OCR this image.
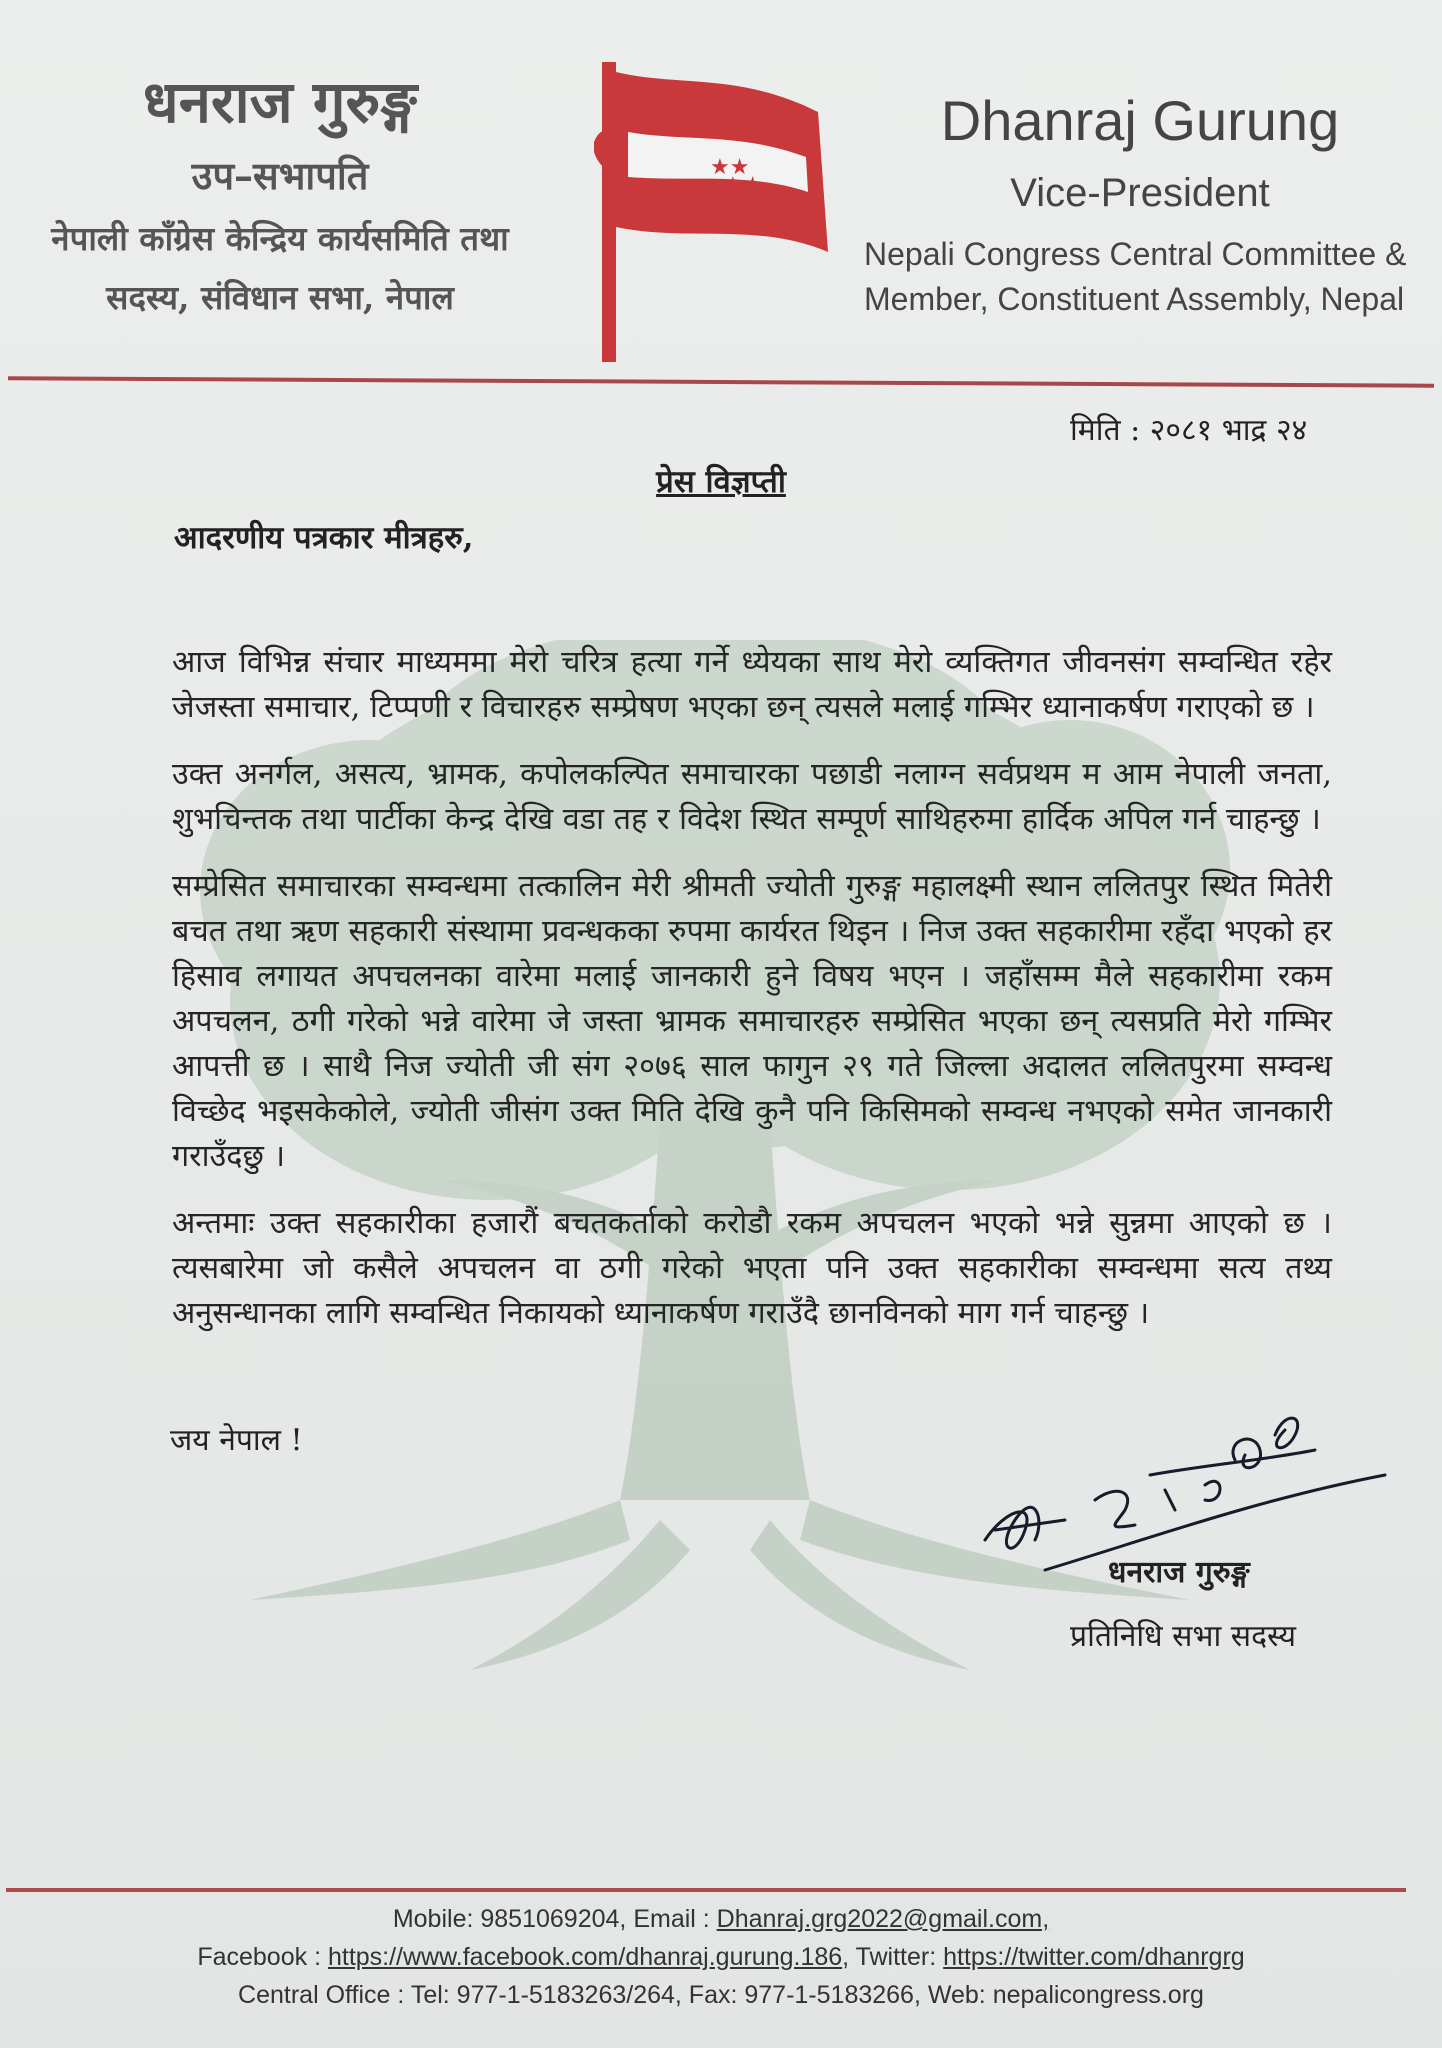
धनराज गुरुङ्ग
उप–सभापति
नेपाली काँग्रेस केन्द्रिय कार्यसमिति तथा
सदस्य, संविधान सभा, नेपाल
★★
★★
Dhanraj Gurung
Vice-President
Nepali Congress Central Committee &
Member, Constituent Assembly, Nepal
मिति : २०८१ भाद्र २४
प्रेस विज्ञप्ती
आदरणीय पत्रकार मीत्रहरु,

आज विभिन्न संचार माध्यममा मेरो चरित्र हत्या गर्ने ध्येयका साथ मेरो व्यक्तिगत जीवनसंग सम्वन्धित रहेर जेजस्ता समाचार, टिप्पणी र विचारहरु सम्प्रेषण भएका छन् त्यसले मलाई गम्भिर ध्यानाकर्षण गराएको छ ।

उक्त अनर्गल, असत्य, भ्रामक, कपोलकल्पित समाचारका पछाडी नलाग्न सर्वप्रथम म आम नेपाली जनता, शुभचिन्तक तथा पार्टीका केन्द्र देखि वडा तह र विदेश स्थित सम्पूर्ण साथिहरुमा हार्दिक अपिल गर्न चाहन्छु ।

सम्प्रेसित समाचारका सम्वन्धमा तत्कालिन मेरी श्रीमती ज्योती गुरुङ्ग महालक्ष्मी स्थान ललितपुर स्थित मितेरी बचत तथा ऋण सहकारी संस्थामा प्रवन्धकका रुपमा कार्यरत थिइन । निज उक्त सहकारीमा रहँदा भएको हर हिसाव लगायत अपचलनका वारेमा मलाई जानकारी हुने विषय भएन । जहाँसम्म मैले सहकारीमा रकम अपचलन, ठगी गरेको भन्ने वारेमा जे जस्ता भ्रामक समाचारहरु सम्प्रेसित भएका छन् त्यसप्रति मेरो गम्भिर आपत्ती छ । साथै निज ज्योती जी संग २०७६ साल फागुन २९ गते जिल्ला अदालत ललितपुरमा सम्वन्ध विच्छेद भइसकेकोले, ज्योती जीसंग उक्त मिति देखि कुनै पनि किसिमको सम्वन्ध नभएको समेत जानकारी गराउँदछु ।

अन्तमाः उक्त सहकारीका हजारौं बचतकर्ताको करोडौ रकम अपचलन भएको भन्ने सुन्नमा आएको छ । त्यसबारेमा जो कसैले अपचलन वा ठगी गरेको भएता पनि उक्त सहकारीका सम्वन्धमा सत्य तथ्य अनुसन्धानका लागि सम्वन्धित निकायको ध्यानाकर्षण गराउँदै छानविनको माग गर्न चाहन्छु ।

जय नेपाल !
धनराज गुरुङ्ग
प्रतिनिधि सभा सदस्य
Mobile: 9851069204, Email : Dhanraj.grg2022@gmail.com,
Facebook : https://www.facebook.com/dhanraj.gurung.186, Twitter: https://twitter.com/dhanrgrg
Central Office : Tel: 977-1-5183263/264, Fax: 977-1-5183266, Web: nepalicongress.org
